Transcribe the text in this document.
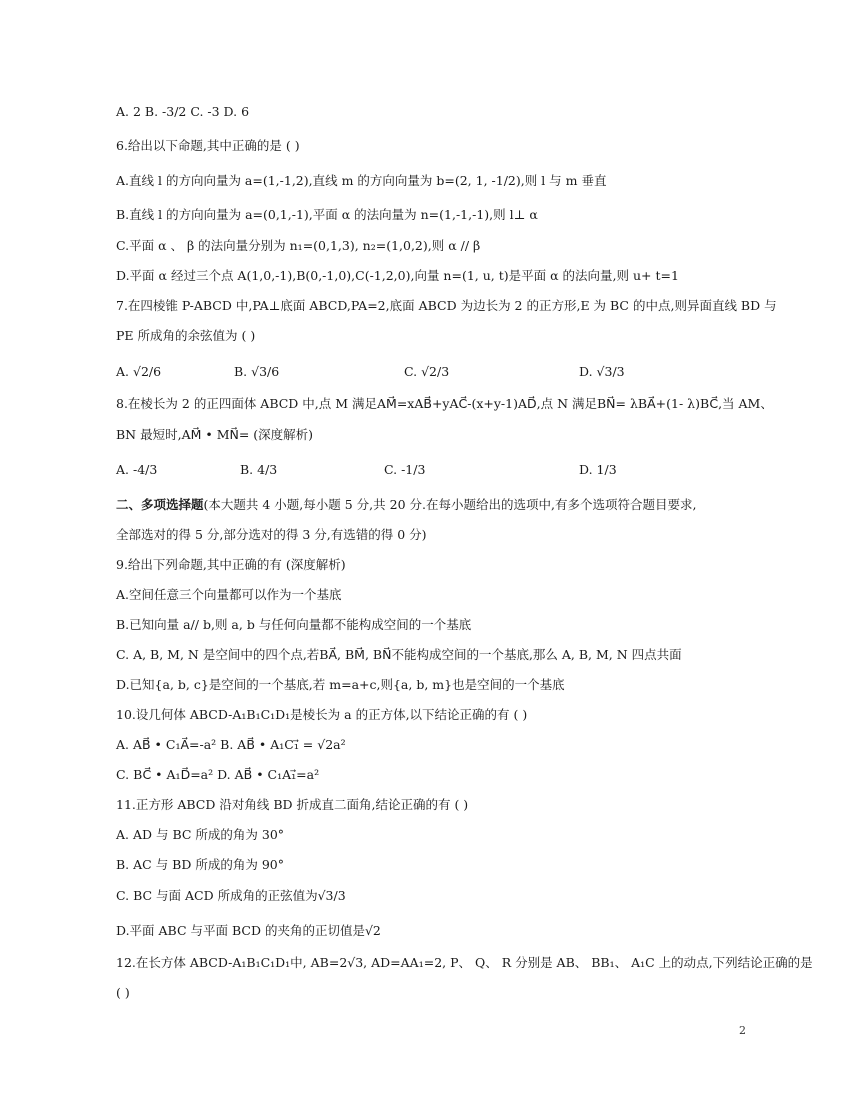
A. 2 B. -3/2 C. -3 D. 6
6.给出以下命题,其中正确的是 ( )
A.直线 l 的方向向量为 a=(1,-1,2),直线 m 的方向向量为 b=(2, 1, -1/2),则 l 与 m 垂直
B.直线 l 的方向向量为 a=(0,1,-1),平面 α 的法向量为 n=(1,-1,-1),则 l⊥ α
C.平面 α 、 β 的法向量分别为 n₁=(0,1,3), n₂=(1,0,2),则 α // β
D.平面 α 经过三个点 A(1,0,-1),B(0,-1,0),C(-1,2,0),向量 n=(1, u, t)是平面 α 的法向量,则 u+ t=1
7.在四棱锥 P-ABCD 中,PA⊥底面 ABCD,PA=2,底面 ABCD 为边长为 2 的正方形,E 为 BC 的中点,则异面直线 BD 与
PE 所成角的余弦值为 ( )
8.在棱长为 2 的正四面体 ABCD 中,点 M 满足AM⃗=xAB⃗+yAC⃗-(x+y-1)AD⃗,点 N 满足BN⃗= λBA⃗+(1- λ)BC⃗,当 AM、
BN 最短时,AM⃗ • MN⃗= (深度解析)
二、多项选择题(本大题共 4 小题,每小题 5 分,共 20 分.在每小题给出的选项中,有多个选项符合题目要求,
全部选对的得 5 分,部分选对的得 3 分,有选错的得 0 分)
9.给出下列命题,其中正确的有 (深度解析)
A.空间任意三个向量都可以作为一个基底
B.已知向量 a// b,则 a, b 与任何向量都不能构成空间的一个基底
C. A, B, M, N 是空间中的四个点,若BA⃗, BM⃗, BN⃗不能构成空间的一个基底,那么 A, B, M, N 四点共面
D.已知{a, b, c}是空间的一个基底,若 m=a+c,则{a, b, m}也是空间的一个基底
10.设几何体 ABCD-A₁B₁C₁D₁是棱长为 a 的正方体,以下结论正确的有 ( )
A. AB⃗ • C₁A⃗=-a² B. AB⃗ • A₁C₁⃗ = √2a²
C. BC⃗ • A₁D⃗=a² D. AB⃗ • C₁A₁⃗=a²
11.正方形 ABCD 沿对角线 BD 折成直二面角,结论正确的有 ( )
A. AD 与 BC 所成的角为 30°
B. AC 与 BD 所成的角为 90°
C. BC 与面 ACD 所成角的正弦值为√3/3
D.平面 ABC 与平面 BCD 的夹角的正切值是√2
12.在长方体 ABCD-A₁B₁C₁D₁中, AB=2√3, AD=AA₁=2, P、 Q、 R 分别是 AB、 BB₁、 A₁C 上的动点,下列结论正确的是
( )
A. √2/6	B. √3/6	C. √2/3	D. √3/3
A. -4/3	B. 4/3	C. -1/3	D. 1/3
2
